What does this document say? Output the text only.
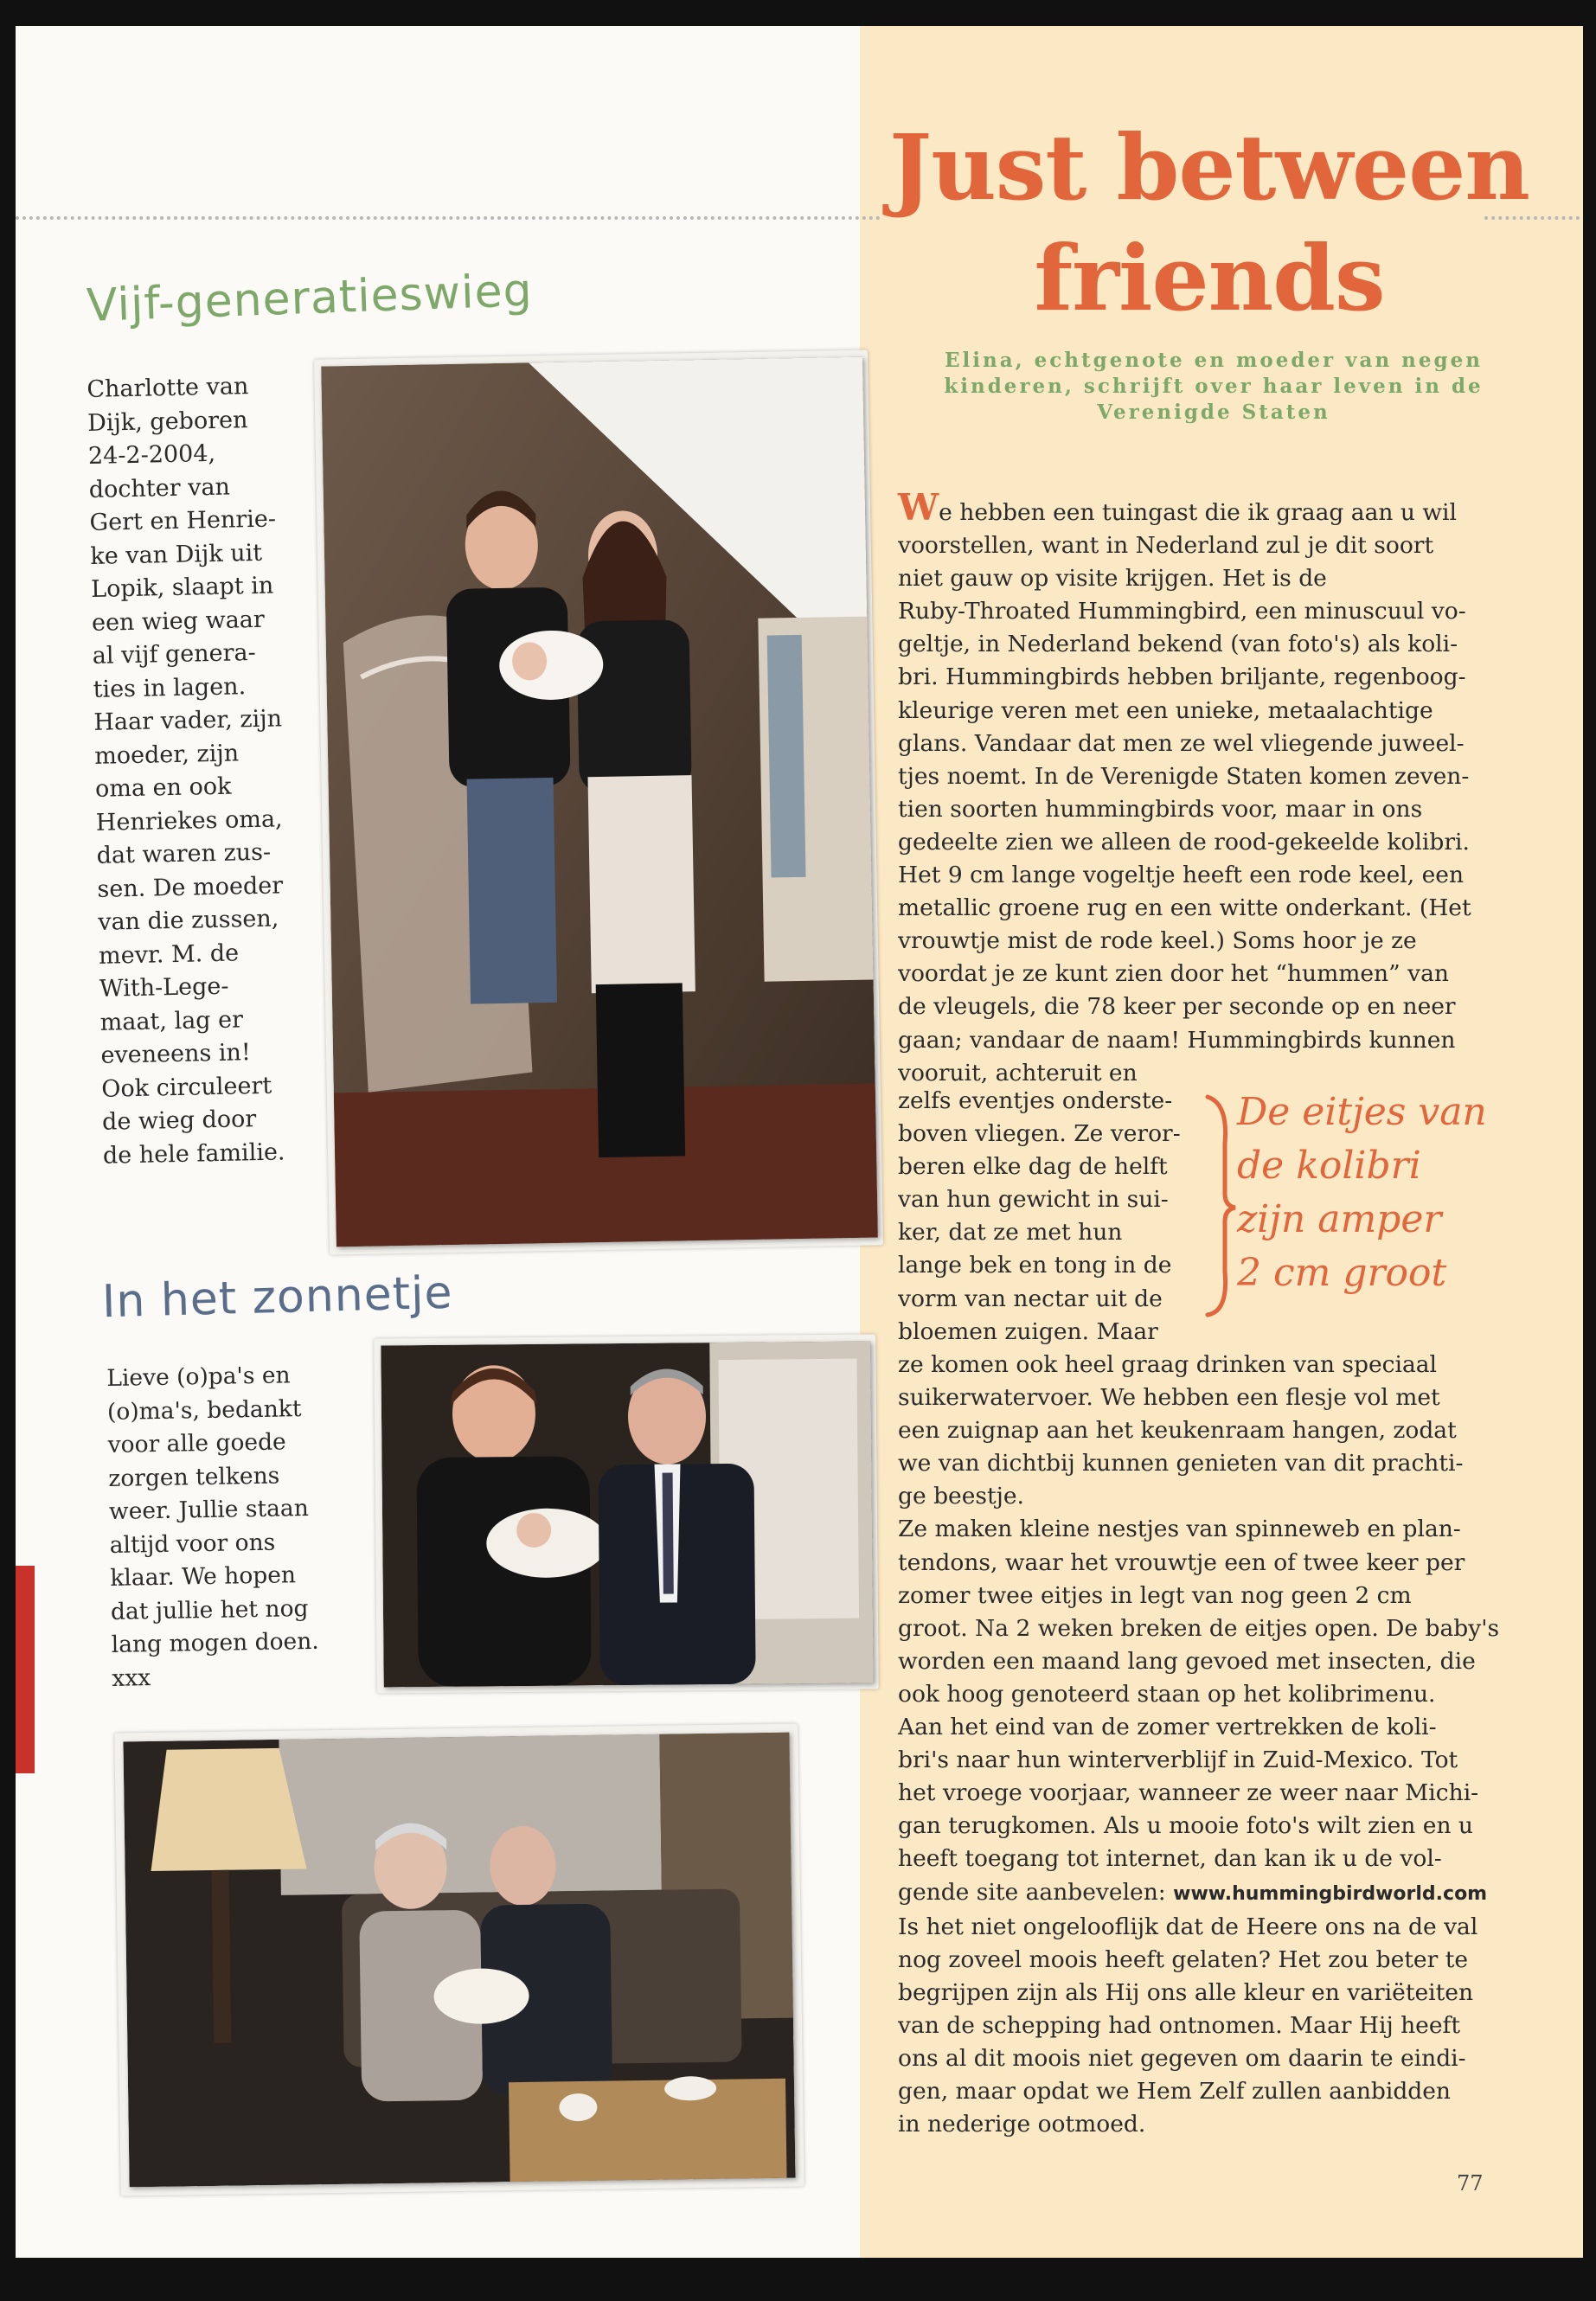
Vijf-generatieswieg
Charlotte van
Dijk, geboren
24-2-2004,
dochter van
Gert en Henrie-
ke van Dijk uit
Lopik, slaapt in
een wieg waar
al vijf genera-
ties in lagen.
Haar vader, zijn
moeder, zijn
oma en ook
Henriekes oma,
dat waren zus-
sen. De moeder
van die zussen,
mevr. M. de
With-Lege-
maat, lag er
eveneens in!
Ook circuleert
de wieg door
de hele familie.
In het zonnetje
Lieve (o)pa's en
(o)ma's, bedankt
voor alle goede
zorgen telkens
weer. Jullie staan
altijd voor ons
klaar. We hopen
dat jullie het nog
lang mogen doen.
xxx
Just between
friends
Elina, echtgenote en moeder van negen kinderen, schrijft over haar leven in de Verenigde Staten
We hebben een tuingast die ik graag aan u wil
voorstellen, want in Nederland zul je dit soort
niet gauw op visite krijgen. Het is de
Ruby-Throated Hummingbird, een minuscuul vo-
geltje, in Nederland bekend (van foto's) als koli-
bri. Hummingbirds hebben briljante, regenboog-
kleurige veren met een unieke, metaalachtige
glans. Vandaar dat men ze wel vliegende juweel-
tjes noemt. In de Verenigde Staten komen zeven-
tien soorten hummingbirds voor, maar in ons
gedeelte zien we alleen de rood-gekeelde kolibri.
Het 9 cm lange vogeltje heeft een rode keel, een
metallic groene rug en een witte onderkant. (Het
vrouwtje mist de rode keel.) Soms hoor je ze
voordat je ze kunt zien door het “hummen” van
de vleugels, die 78 keer per seconde op en neer
gaan; vandaar de naam! Hummingbirds kunnen
vooruit, achteruit en
zelfs eventjes onderste-
boven vliegen. Ze veror-
beren elke dag de helft
van hun gewicht in sui-
ker, dat ze met hun
lange bek en tong in de
vorm van nectar uit de
bloemen zuigen. Maar
De eitjes van
de kolibri
zijn amper
2 cm groot
ze komen ook heel graag drinken van speciaal
suikerwatervoer. We hebben een flesje vol met
een zuignap aan het keukenraam hangen, zodat
we van dichtbij kunnen genieten van dit prachti-
ge beestje.
Ze maken kleine nestjes van spinneweb en plan-
tendons, waar het vrouwtje een of twee keer per
zomer twee eitjes in legt van nog geen 2 cm
groot. Na 2 weken breken de eitjes open. De baby's
worden een maand lang gevoed met insecten, die
ook hoog genoteerd staan op het kolibrimenu.
Aan het eind van de zomer vertrekken de koli-
bri's naar hun winterverblijf in Zuid-Mexico. Tot
het vroege voorjaar, wanneer ze weer naar Michi-
gan terugkomen. Als u mooie foto's wilt zien en u
heeft toegang tot internet, dan kan ik u de vol-
gende site aanbevelen: www.hummingbirdworld.com
Is het niet ongelooflijk dat de Heere ons na de val
nog zoveel moois heeft gelaten? Het zou beter te
begrijpen zijn als Hij ons alle kleur en variëteiten
van de schepping had ontnomen. Maar Hij heeft
ons al dit moois niet gegeven om daarin te eindi-
gen, maar opdat we Hem Zelf zullen aanbidden
in nederige ootmoed.
77
